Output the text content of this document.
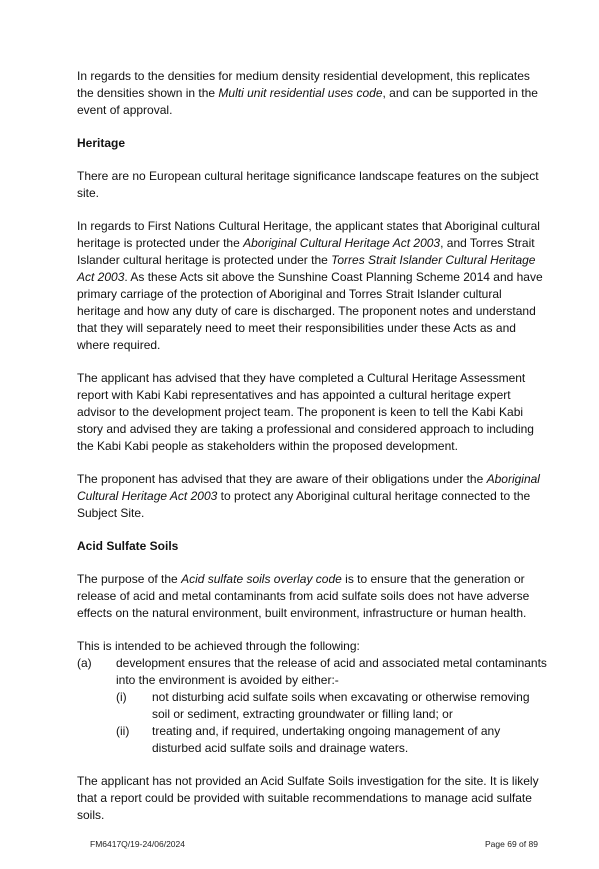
In regards to the densities for medium density residential development, this replicates the densities shown in the Multi unit residential uses code, and can be supported in the event of approval.

Heritage

There are no European cultural heritage significance landscape features on the subject site.

In regards to First Nations Cultural Heritage, the applicant states that Aboriginal cultural heritage is protected under the Aboriginal Cultural Heritage Act 2003, and Torres Strait Islander cultural heritage is protected under the Torres Strait Islander Cultural Heritage Act 2003. As these Acts sit above the Sunshine Coast Planning Scheme 2014 and have primary carriage of the protection of Aboriginal and Torres Strait Islander cultural heritage and how any duty of care is discharged. The proponent notes and understand that they will separately need to meet their responsibilities under these Acts as and where required.

The applicant has advised that they have completed a Cultural Heritage Assessment report with Kabi Kabi representatives and has appointed a cultural heritage expert advisor to the development project team. The proponent is keen to tell the Kabi Kabi story and advised they are taking a professional and considered approach to including the Kabi Kabi people as stakeholders within the proposed development.

The proponent has advised that they are aware of their obligations under the Aboriginal Cultural Heritage Act 2003 to protect any Aboriginal cultural heritage connected to the Subject Site.

Acid Sulfate Soils

The purpose of the Acid sulfate soils overlay code is to ensure that the generation or release of acid and metal contaminants from acid sulfate soils does not have adverse effects on the natural environment, built environment, infrastructure or human health.

This is intended to be achieved through the following:
(a)	development ensures that the release of acid and associated metal contaminants into the environment is avoided by either:-
(i)	not disturbing acid sulfate soils when excavating or otherwise removing soil or sediment, extracting groundwater or filling land; or
(ii)	treating and, if required, undertaking ongoing management of any disturbed acid sulfate soils and drainage waters.

The applicant has not provided an Acid Sulfate Soils investigation for the site. It is likely that a report could be provided with suitable recommendations to manage acid sulfate soils.

FM6417Q/19-24/06/2024	Page 69 of 89
